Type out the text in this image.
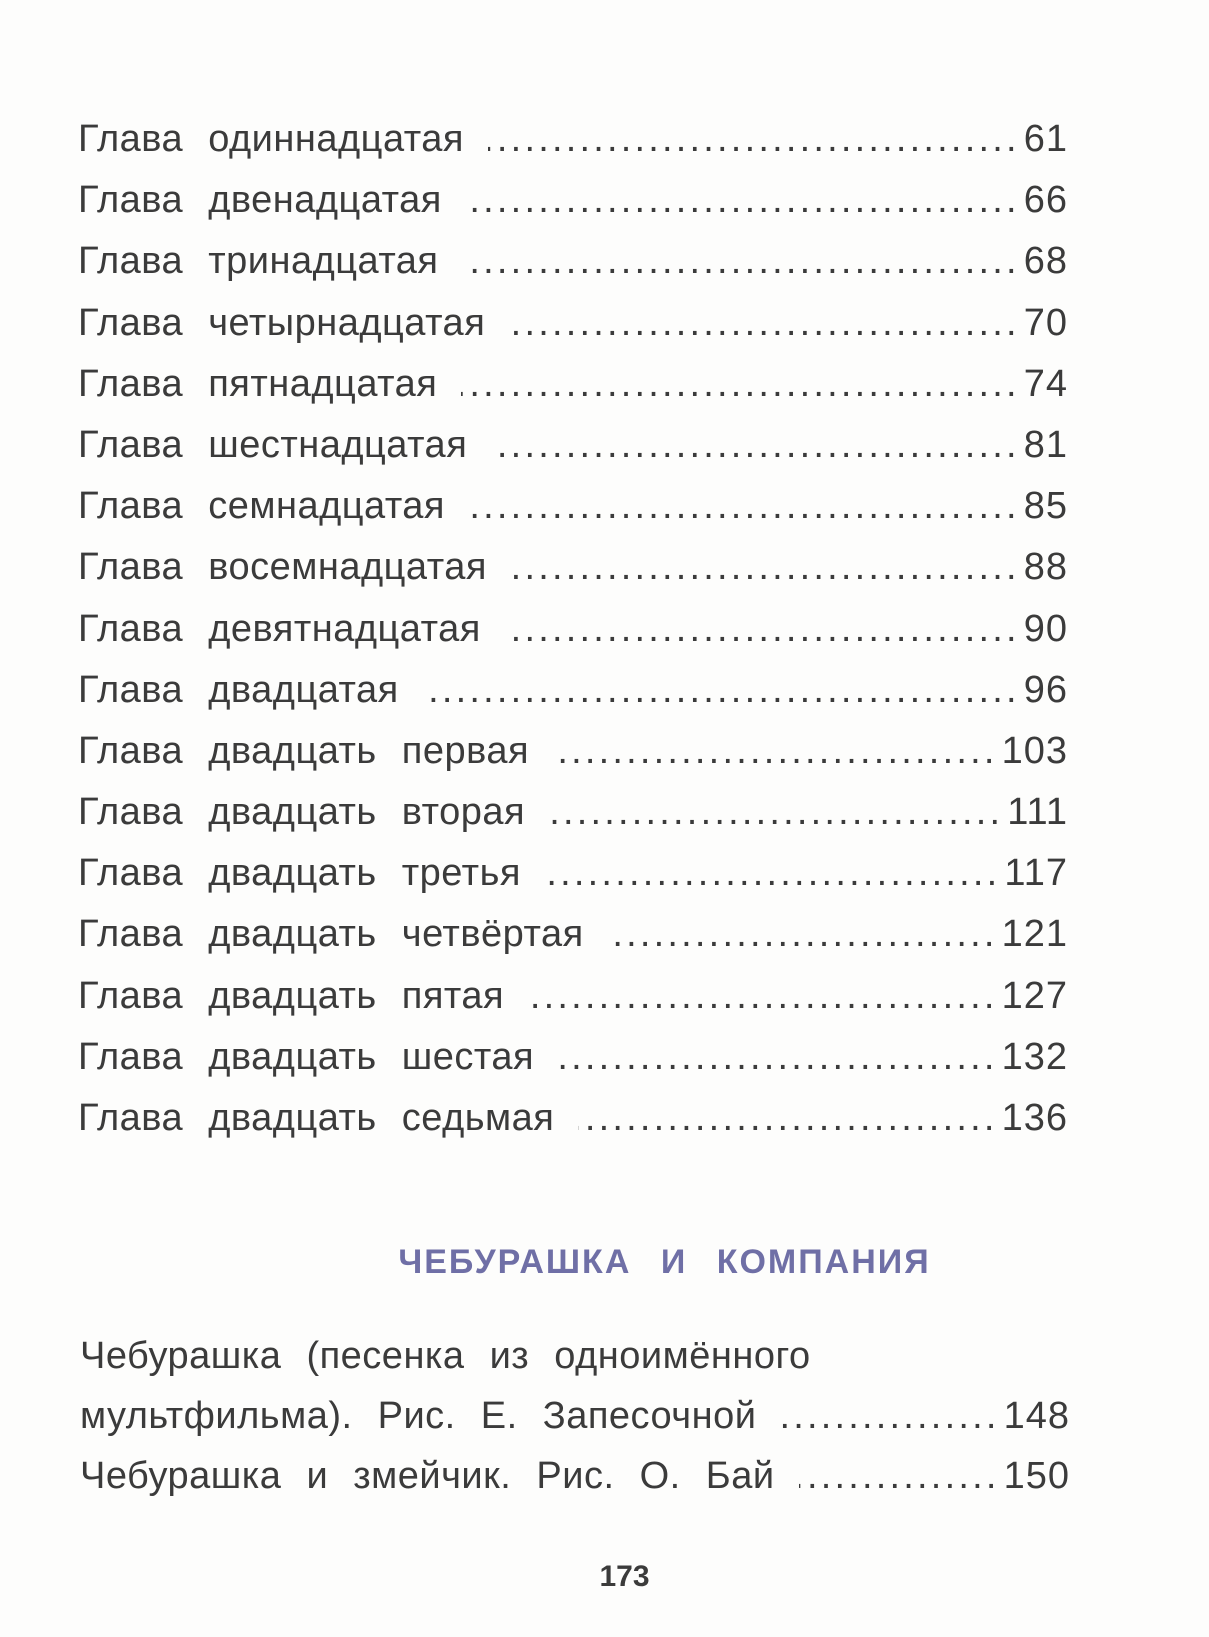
Глава одиннадцатая .....	61
Глава двенадцатая .....	66
Глава тринадцатая .....	68
Глава четырнадцатая .....	70
Глава пятнадцатая .....	74
Глава шестнадцатая .....	81
Глава семнадцатая .....	85
Глава восемнадцатая .....	88
Глава девятнадцатая .....	90
Глава двадцатая .....	96
Глава двадцать первая .....	103
Глава двадцать вторая .....	111
Глава двадцать третья .....	117
Глава двадцать четвёртая .....	121
Глава двадцать пятая .....	127
Глава двадцать шестая .....	132
Глава двадцать седьмая .....	136
ЧЕБУРАШКА И КОМПАНИЯ
Чебурашка (песенка из одноимённого
мультфильма). Рис. Е. Запесочной .....	148
Чебурашка и змейчик. Рис. О. Бай .....	150
173
